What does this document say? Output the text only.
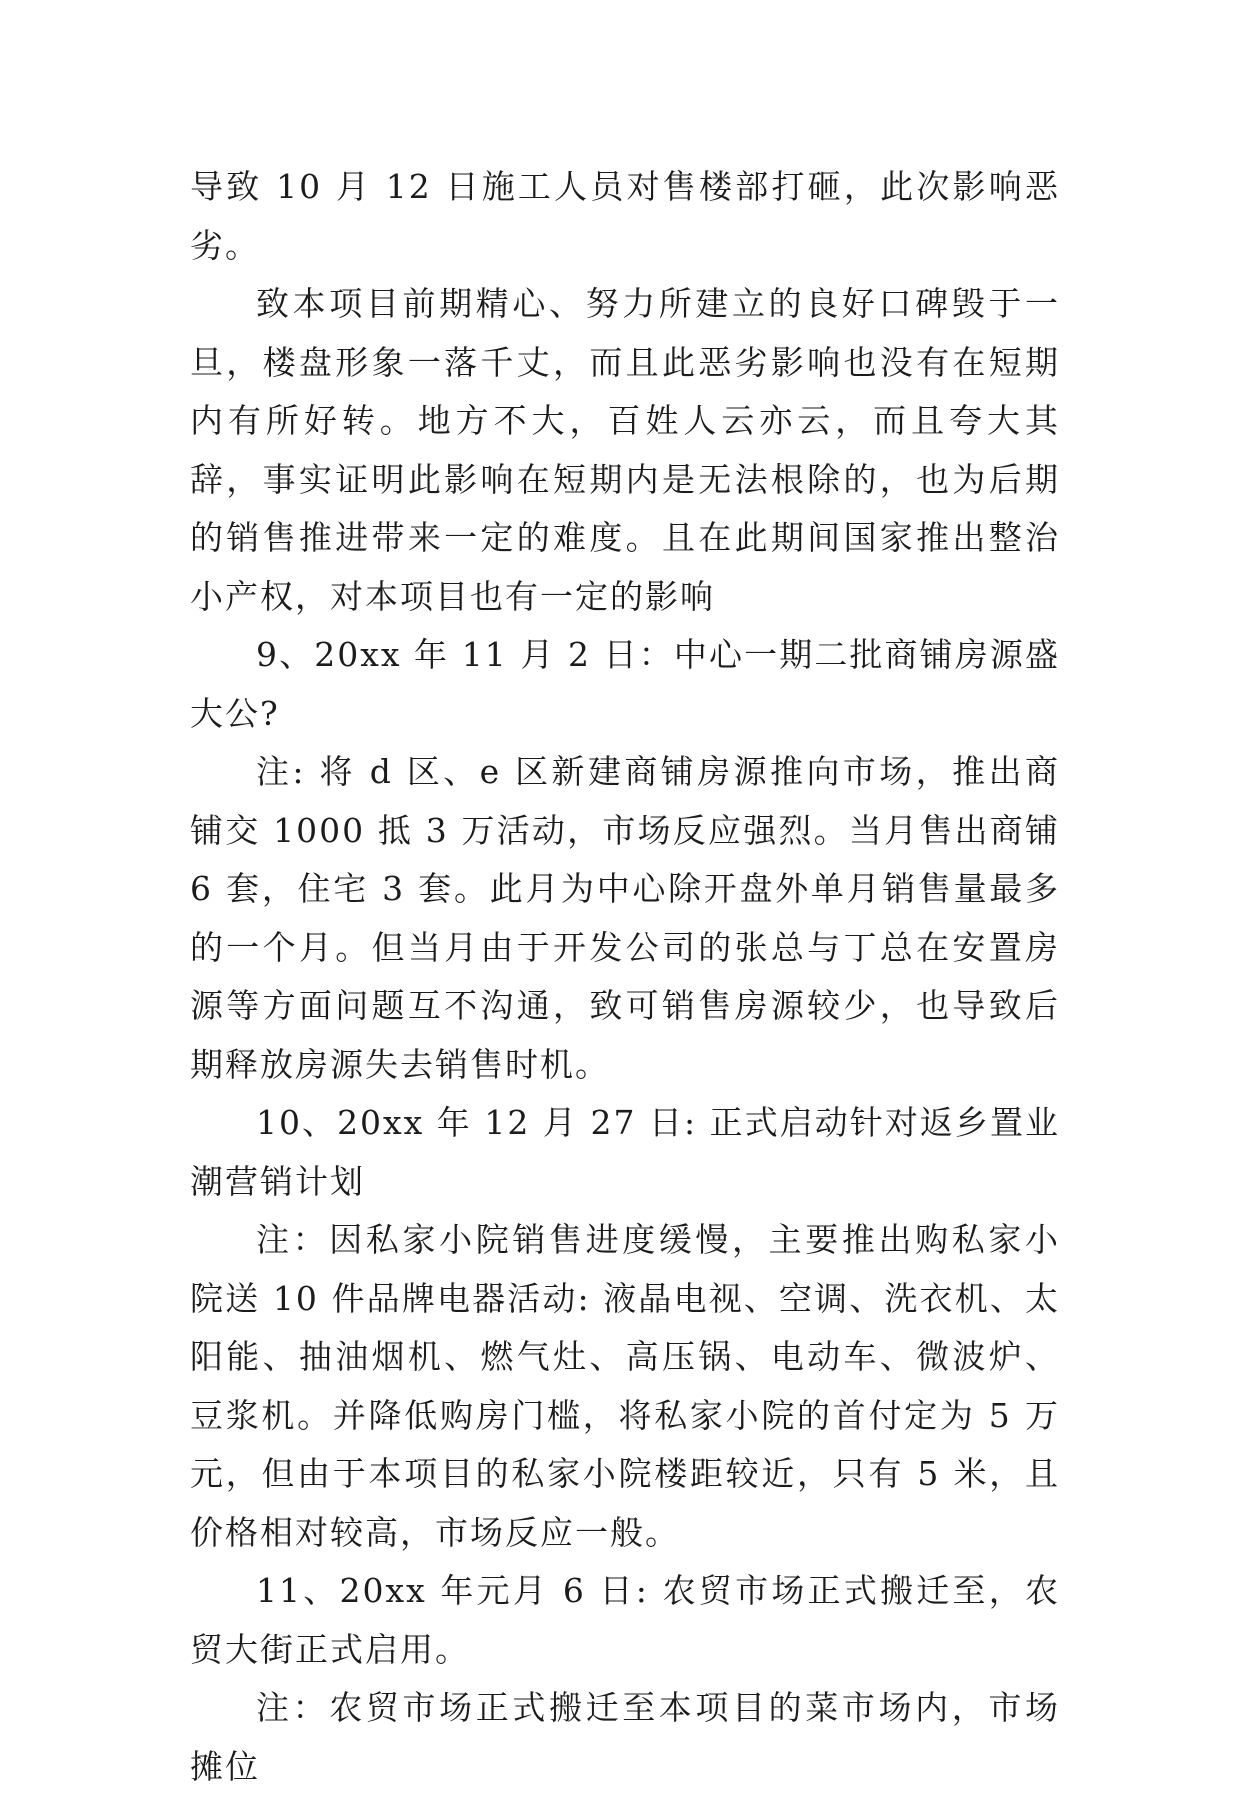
导致 10 月 12 日施工人员对售楼部打砸，此次影响恶劣。

致本项目前期精心、努力所建立的良好口碑毁于一旦，楼盘形象一落千丈，而且此恶劣影响也没有在短期内有所好转。地方不大，百姓人云亦云，而且夸大其辞，事实证明此影响在短期内是无法根除的，也为后期的销售推进带来一定的难度。且在此期间国家推出整治小产权，对本项目也有一定的影响

9、20xx 年 11 月 2 日：中心一期二批商铺房源盛大公?

注: 将 d 区、e 区新建商铺房源推向市场，推出商铺交 1000 抵 3 万活动，市场反应强烈。当月售出商铺 6 套，住宅 3 套。此月为中心除开盘外单月销售量最多的一个月。但当月由于开发公司的张总与丁总在安置房源等方面问题互不沟通，致可销售房源较少，也导致后期释放房源失去销售时机。

10、20xx 年 12 月 27 日: 正式启动针对返乡置业潮营销计划

注：因私家小院销售进度缓慢，主要推出购私家小院送 10 件品牌电器活动: 液晶电视、空调、洗衣机、太阳能、抽油烟机、燃气灶、高压锅、电动车、微波炉、豆浆机。并降低购房门槛，将私家小院的首付定为 5 万元，但由于本项目的私家小院楼距较近，只有 5 米，且价格相对较高，市场反应一般。

11、20xx 年元月 6 日: 农贸市场正式搬迁至，农贸大街正式启用。

注：农贸市场正式搬迁至本项目的菜市场内，市场摊位
